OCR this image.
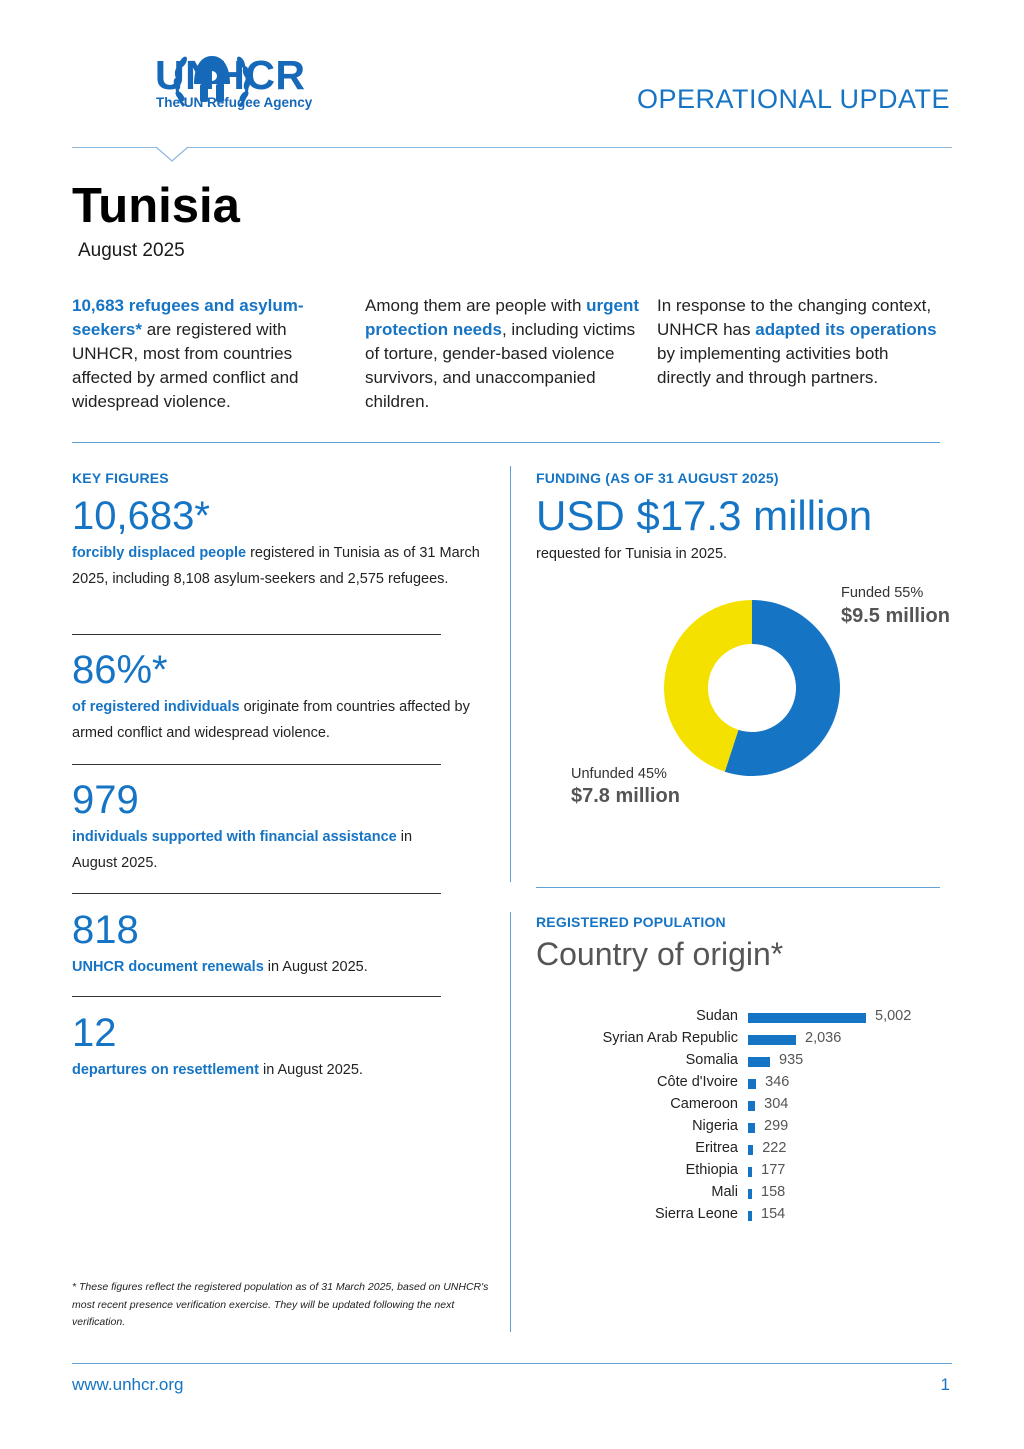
UNHCR
The UN Refugee Agency	OPERATIONAL UPDATE
Tunisia
August 2025

10,683 refugees and asylum-seekers* are registered with UNHCR, most from countries affected by armed conflict and widespread violence.

Among them are people with urgent protection needs, including victims of torture, gender-based violence survivors, and unaccompanied children.

In response to the changing context, UNHCR has adapted its operations by implementing activities both directly and through partners.

KEY FIGURES
10,683*

forcibly displaced people registered in Tunisia as of 31 March 2025, including 8,108 asylum-seekers and 2,575 refugees.

86%*

of registered individuals originate from countries affected by armed conflict and widespread violence.

979

individuals supported with financial assistance in August 2025.

818

UNHCR document renewals in August 2025.

12

departures on resettlement in August 2025.

FUNDING (AS OF 31 AUGUST 2025)
USD $17.3 million
requested for Tunisia in 2025.
Funded 55%
$9.5 million
Unfunded 45%
$7.8 million
REGISTERED POPULATION
Country of origin*
Sudan	5,002
Syrian Arab Republic	2,036
Somalia	935
Côte d'Ivoire 346
Cameroon 304
Nigeria 299
Eritrea 222
Ethiopia 177
Mali 158
Sierra Leone 154

* These figures reflect the registered population as of 31 March 2025, based on UNHCR's most recent presence verification exercise. They will be updated following the next verification.

www.unhcr.org	1
